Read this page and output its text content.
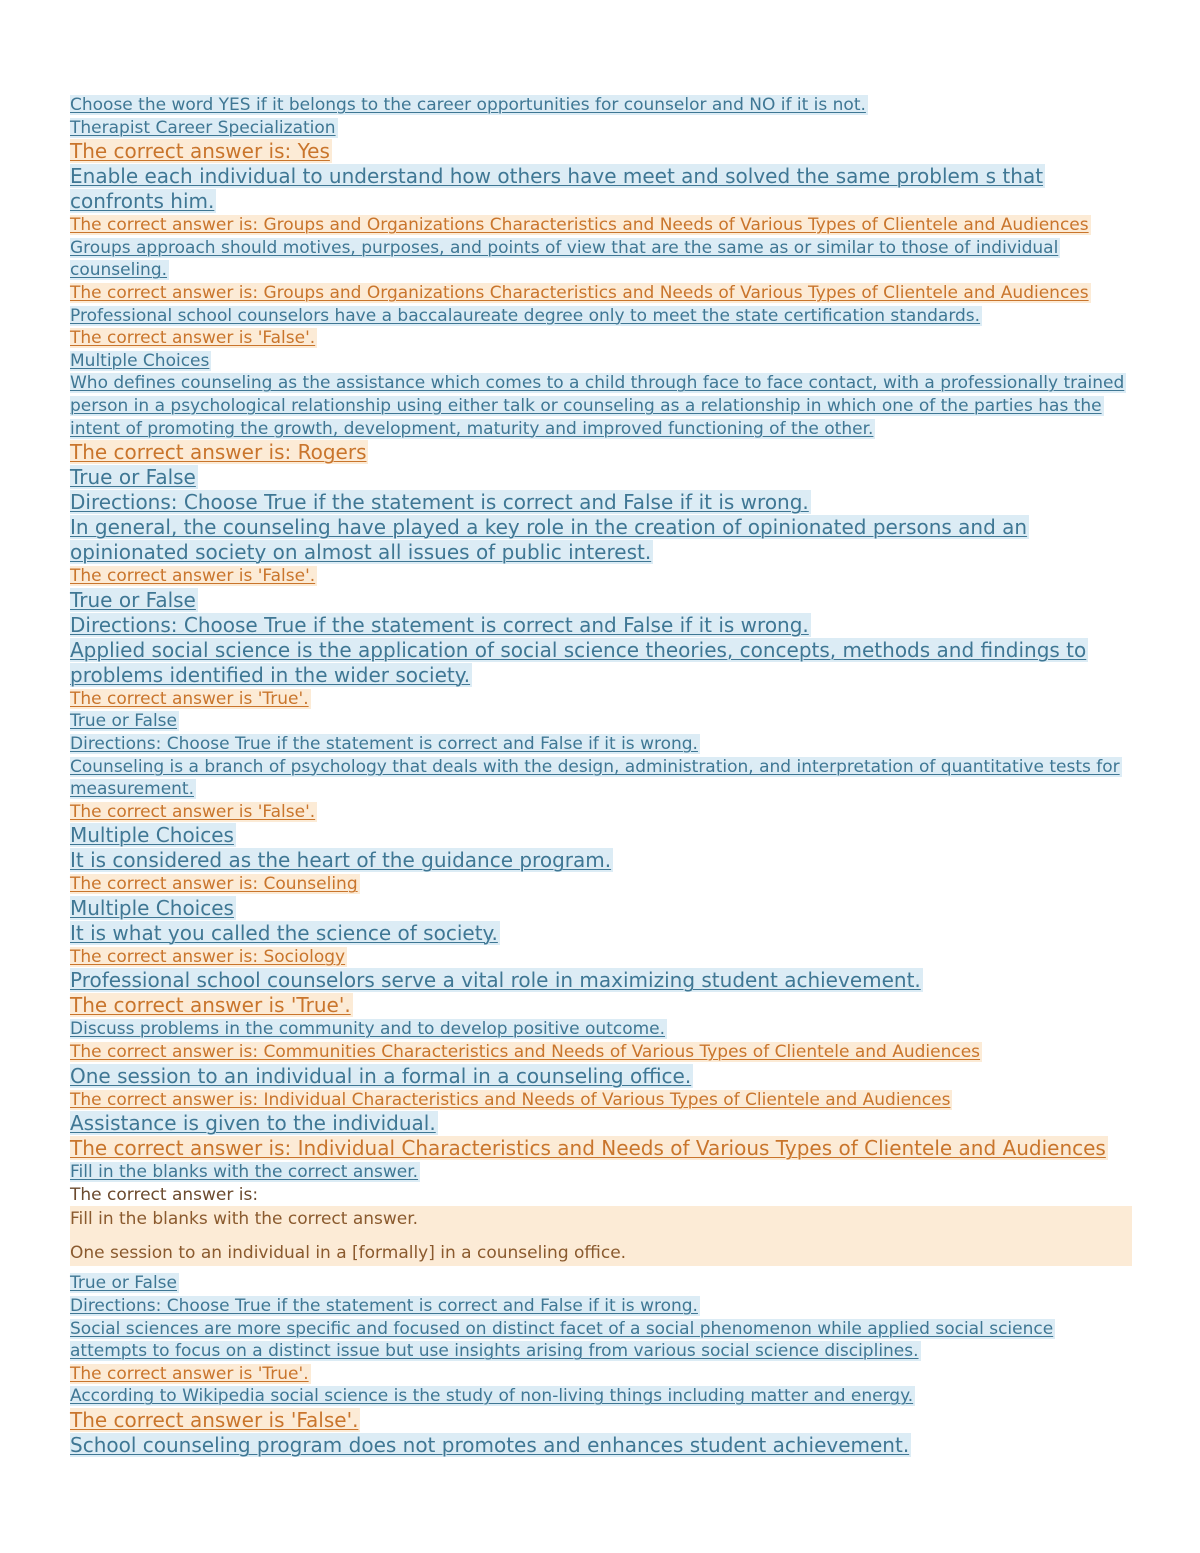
Choose the word YES if it belongs to the career opportunities for counselor and NO if it is not.
Therapist Career Specialization
The correct answer is: Yes
Enable each individual to understand how others have meet and solved the same problem s that confronts him.
The correct answer is: Groups and Organizations Characteristics and Needs of Various Types of Clientele and Audiences
Groups approach should motives, purposes, and points of view that are the same as or similar to those of individual counseling.
The correct answer is: Groups and Organizations Characteristics and Needs of Various Types of Clientele and Audiences
Professional school counselors have a baccalaureate degree only to meet the state certification standards.
The correct answer is 'False'.
Multiple Choices
Who defines counseling as the assistance which comes to a child through face to face contact, with a professionally trained person in a psychological relationship using either talk or counseling as a relationship in which one of the parties has the intent of promoting the growth, development, maturity and improved functioning of the other.
The correct answer is: Rogers
True or False
Directions: Choose True if the statement is correct and False if it is wrong.
In general, the counseling have played a key role in the creation of opinionated persons and an opinionated society on almost all issues of public interest.
The correct answer is 'False'.
True or False
Directions: Choose True if the statement is correct and False if it is wrong.
Applied social science is the application of social science theories, concepts, methods and findings to problems identified in the wider society.
The correct answer is 'True'.
True or False
Directions: Choose True if the statement is correct and False if it is wrong.
Counseling is a branch of psychology that deals with the design, administration, and interpretation of quantitative tests for measurement.
The correct answer is 'False'.
Multiple Choices
It is considered as the heart of the guidance program.
The correct answer is: Counseling
Multiple Choices
It is what you called the science of society.
The correct answer is: Sociology
Professional school counselors serve a vital role in maximizing student achievement.
The correct answer is 'True'.
Discuss problems in the community and to develop positive outcome.
The correct answer is: Communities Characteristics and Needs of Various Types of Clientele and Audiences
One session to an individual in a formal in a counseling office.
The correct answer is: Individual Characteristics and Needs of Various Types of Clientele and Audiences
Assistance is given to the individual.
The correct answer is: Individual Characteristics and Needs of Various Types of Clientele and Audiences
Fill in the blanks with the correct answer.
The correct answer is:

Fill in the blanks with the correct answer.

One session to an individual in a [formally] in a counseling office.

True or False
Directions: Choose True if the statement is correct and False if it is wrong.
Social sciences are more specific and focused on distinct facet of a social phenomenon while applied social science attempts to focus on a distinct issue but use insights arising from various social science disciplines.
The correct answer is 'True'.
According to Wikipedia social science is the study of non-living things including matter and energy.
The correct answer is 'False'.
School counseling program does not promotes and enhances student achievement.
